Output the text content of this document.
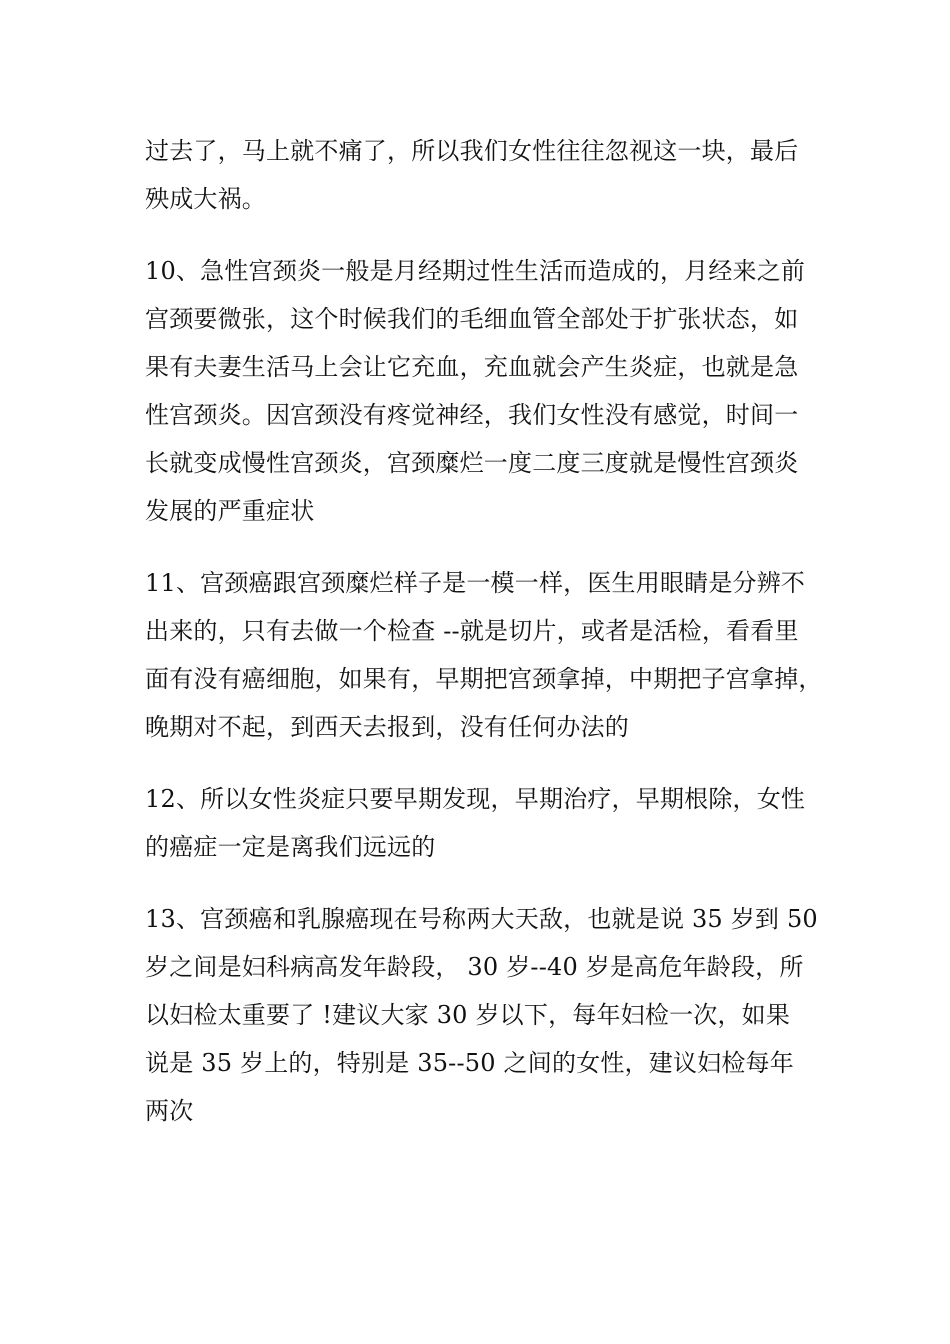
过去了，马上就不痛了，所以我们女性往往忽视这一块，最后
殃成大祸。
10、急性宫颈炎一般是月经期过性生活而造成的，月经来之前
宫颈要微张，这个时候我们的毛细血管全部处于扩张状态，如
果有夫妻生活马上会让它充血，充血就会产生炎症，也就是急
性宫颈炎。因宫颈没有疼觉神经，我们女性没有感觉，时间一
长就变成慢性宫颈炎，宫颈糜烂一度二度三度就是慢性宫颈炎
发展的严重症状
11、宫颈癌跟宫颈糜烂样子是一模一样，医生用眼睛是分辨不
出来的，只有去做一个检查 --就是切片，或者是活检，看看里
面有没有癌细胞，如果有，早期把宫颈拿掉，中期把子宫拿掉，
晚期对不起，到西天去报到，没有任何办法的
12、所以女性炎症只要早期发现，早期治疗，早期根除，女性
的癌症一定是离我们远远的
13、宫颈癌和乳腺癌现在号称两大天敌，也就是说 35 岁到 50
岁之间是妇科病高发年龄段， 30 岁--40 岁是高危年龄段，所
以妇检太重要了 !建议大家 30 岁以下，每年妇检一次，如果
说是 35 岁上的，特别是 35--50 之间的女性，建议妇检每年
两次
